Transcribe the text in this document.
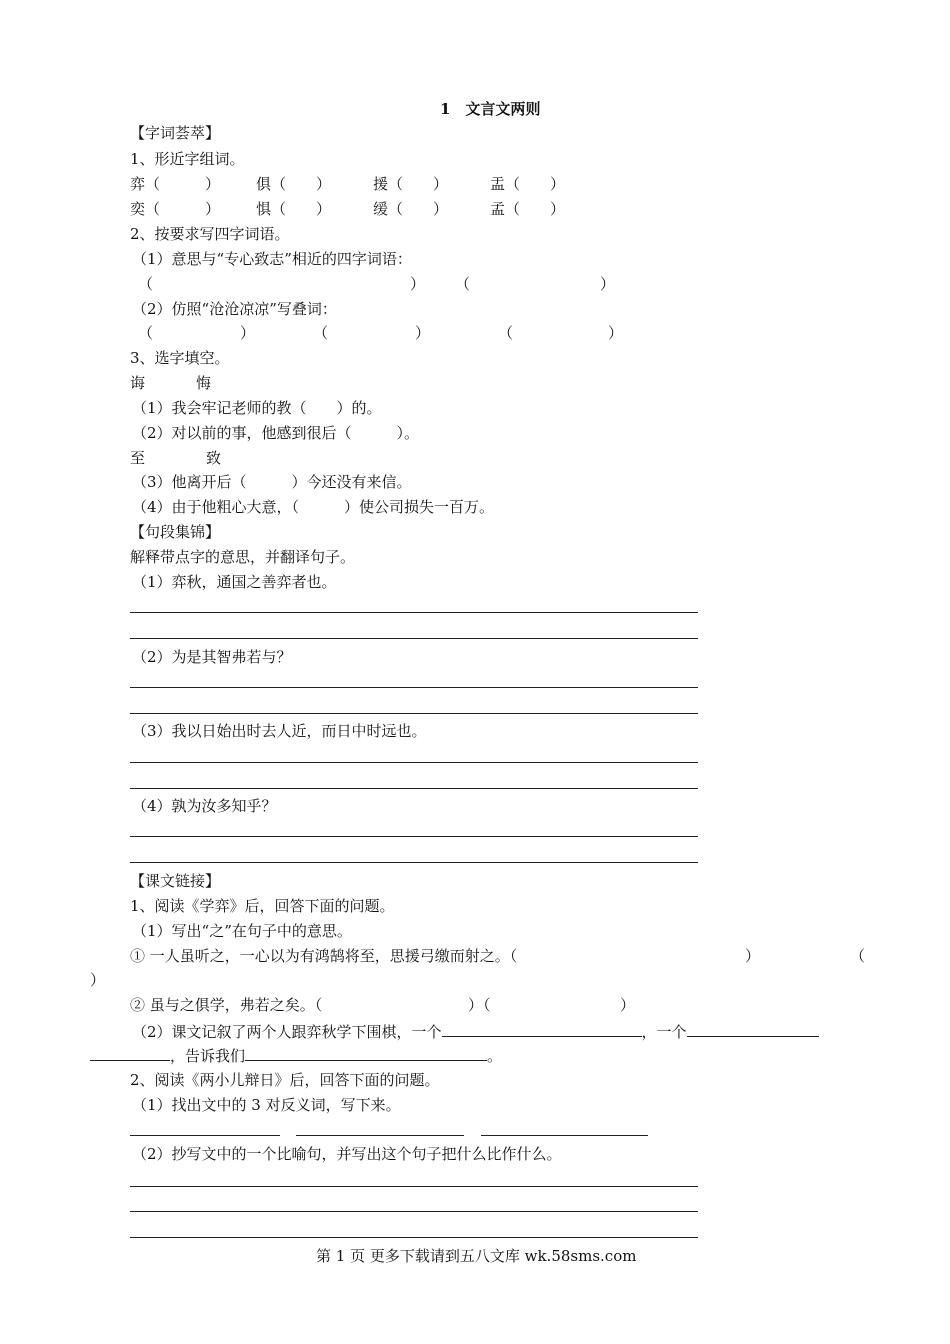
1　文言文两则
【字词荟萃】
1、形近字组词。
弈（　　　） 俱（　　）	援（　　）	盂（　　）
奕（　　　） 惧（　　）	缓（　　）	孟（　　）
2、按要求写四字词语。
（1）意思与“专心致志”相近的四字词语：
（　　　　　　　　	）　　　（	）
（2）仿照“沧沧凉凉”写叠词：
（	）	（	）	（	）
3、选字填空。
诲	悔
（1）我会牢记老师的教（　　）的。
（2）对以前的事，他感到很后（　　　）。
至	致
（3）他离开后（　　　）今还没有来信。
（4）由于他粗心大意，（　　　）使公司损失一百万。
【句段集锦】
解释带点字的意思，并翻译句子。
（1）弈秋，通国之善弈者也。
（2）为是其智弗若与？
（3）我以日始出时去人近，而日中时远也。
（4）孰为汝多知乎？
【课文链接】
1、阅读《学弈》后，回答下面的问题。
（1）写出“之”在句子中的意思。
① 一人虽听之，一心以为有鸿鹄将至，思援弓缴而射之。（	）	（
）
② 虽与之俱学，弗若之矣。（	）（	）
（2）课文记叙了两个人跟弈秋学下围棋，一个	，一个
，告诉我们	。
2、阅读《两小儿辩日》后，回答下面的问题。
（1）找出文中的 3 对反义词，写下来。
（2）抄写文中的一个比喻句，并写出这个句子把什么比作什么。
第 1 页 更多下载请到五八文库 wk.58sms.com
